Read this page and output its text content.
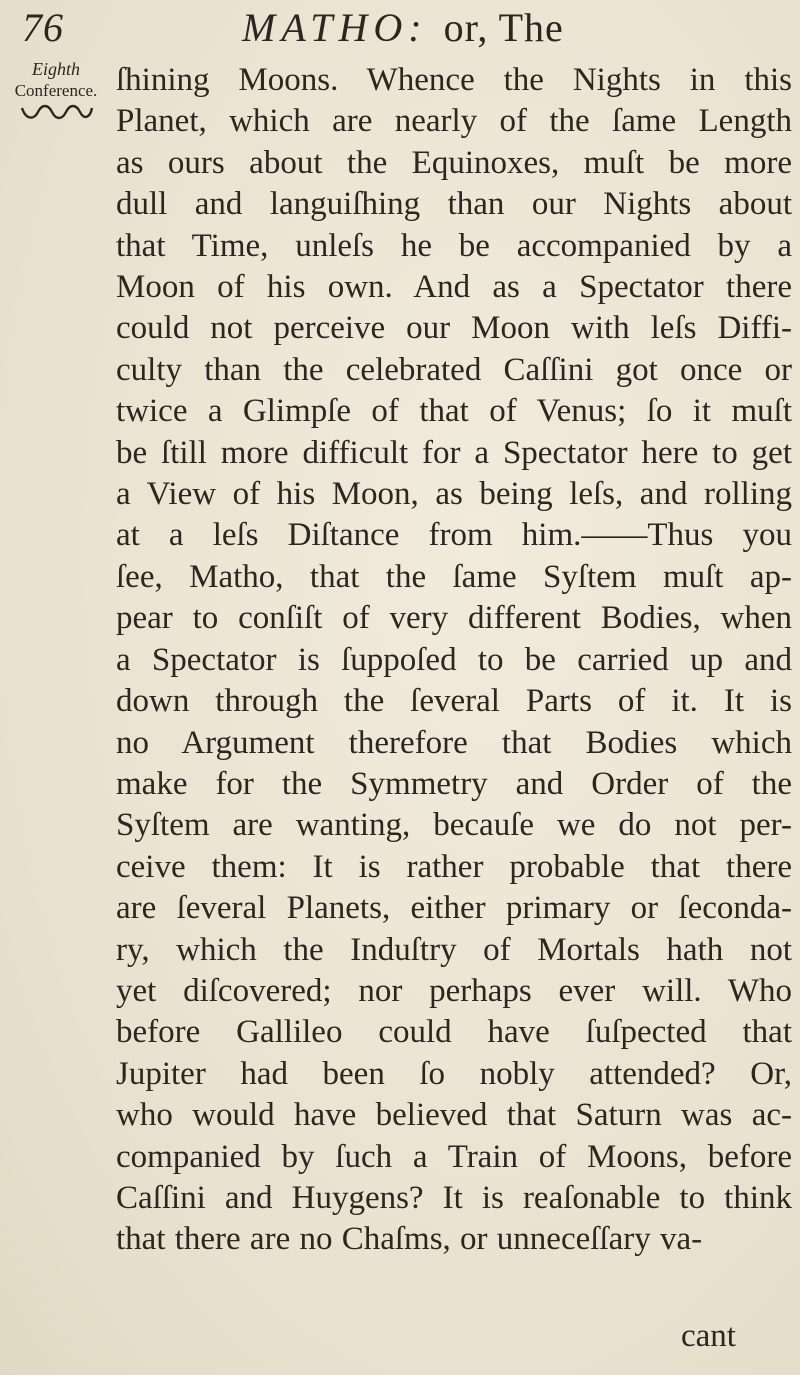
76	MATHO: or, The
Eighth
Conference. ſhining Moons. Whence the Nights in this
Planet, which are nearly of the ſame Length
as ours about the Equinoxes, muſt be more
dull and languiſhing than our Nights about
that Time, unleſs he be accompanied by a
Moon of his own. And as a Spectator there
could not perceive our Moon with leſs Diffi-
culty than the celebrated Caſſini got once or
twice a Glimpſe of that of Venus; ſo it muſt
be ſtill more difficult for a Spectator here to get
a View of his Moon, as being leſs, and rolling
at a leſs Diſtance from him.——Thus you
ſee, Matho, that the ſame Syſtem muſt ap-
pear to conſiſt of very different Bodies, when
a Spectator is ſuppoſed to be carried up and
down through the ſeveral Parts of it. It is
no Argument therefore that Bodies which
make for the Symmetry and Order of the
Syſtem are wanting, becauſe we do not per-
ceive them: It is rather probable that there
are ſeveral Planets, either primary or ſeconda-
ry, which the Induſtry of Mortals hath not
yet diſcovered; nor perhaps ever will. Who
before Gallileo could have ſuſpected that
Jupiter had been ſo nobly attended? Or,
who would have believed that Saturn was ac-
companied by ſuch a Train of Moons, before
Caſſini and Huygens? It is reaſonable to think
that there are no Chaſms, or unneceſſary va-
cant
